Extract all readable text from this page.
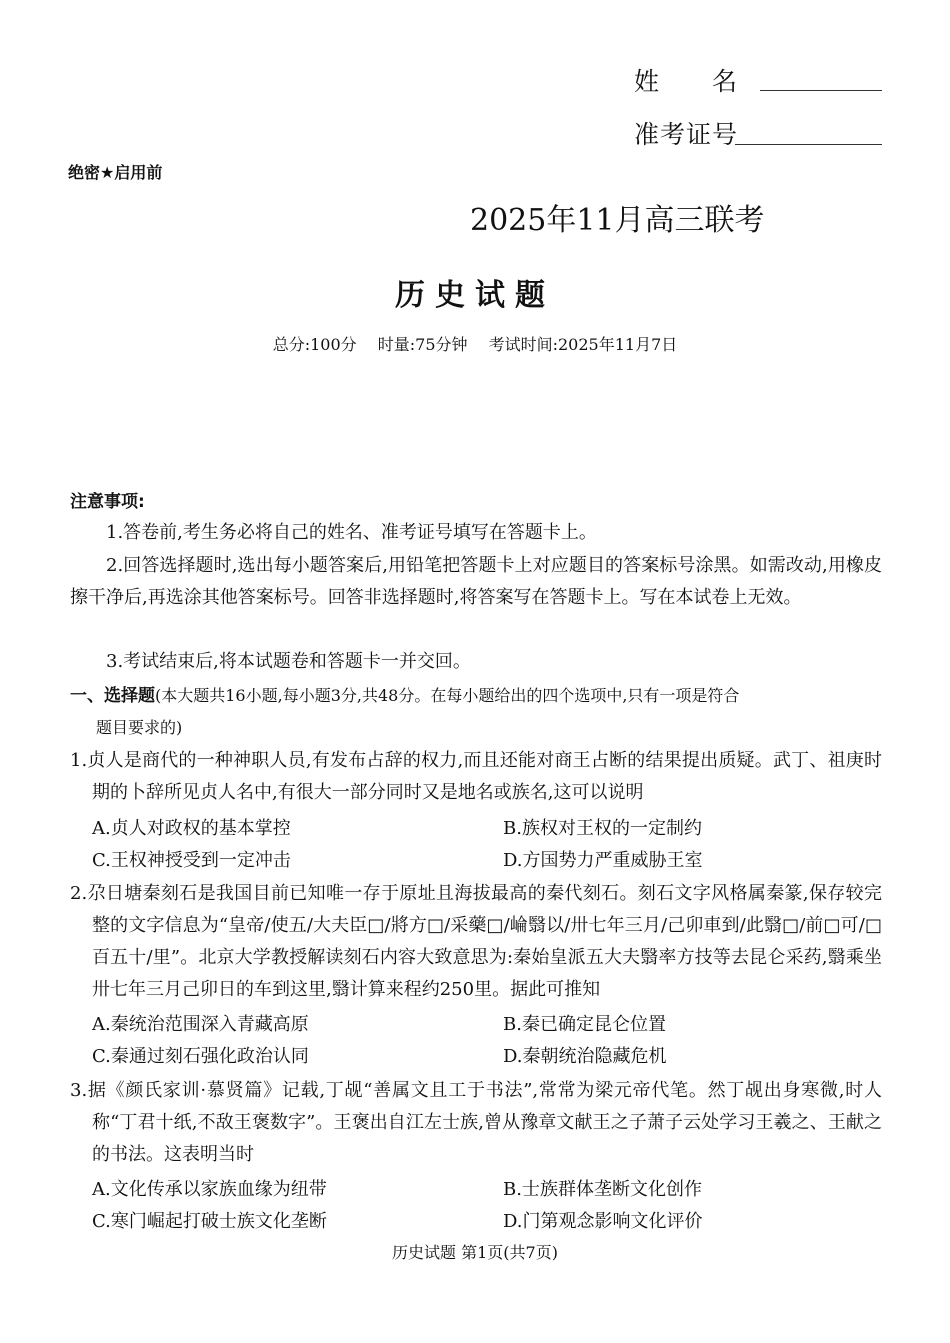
姓　　名
准考证号
绝密★启用前
2025年11月高三联考
历史试题
总分:100分 时量:75分钟 考试时间:2025年11月7日
注意事项:
1.答卷前,考生务必将自己的姓名、准考证号填写在答题卡上。
2.回答选择题时,选出每小题答案后,用铅笔把答题卡上对应题目的答案标号涂黑。如需改动,用橡皮擦干净后,再选涂其他答案标号。回答非选择题时,将答案写在答题卡上。写在本试卷上无效。
3.考试结束后,将本试题卷和答题卡一并交回。
一、选择题(本大题共16小题,每小题3分,共48分。在每小题给出的四个选项中,只有一项是符合
题目要求的)
1.贞人是商代的一种神职人员,有发布占辞的权力,而且还能对商王占断的结果提出质疑。武丁、祖庚时期的卜辞所见贞人名中,有很大一部分同时又是地名或族名,这可以说明
A.贞人对政权的基本掌控	B.族权对王权的一定制约
C.王权神授受到一定冲击	D.方国势力严重威胁王室
2.尕日塘秦刻石是我国目前已知唯一存于原址且海拔最高的秦代刻石。刻石文字风格属秦篆,保存较完整的文字信息为“皇帝/使五/大夫臣□/將方□/采藥□/崘翳以/卅七年三月/己卯車到/此翳□/前□可/□百五十/里”。北京大学教授解读刻石内容大致意思为:秦始皇派五大夫翳率方技等去昆仑采药,翳乘坐卅七年三月己卯日的车到这里,翳计算来程约250里。据此可推知
A.秦统治范围深入青藏高原	B.秦已确定昆仑位置
C.秦通过刻石强化政治认同	D.秦朝统治隐藏危机
3.据《颜氏家训·慕贤篇》记载,丁觇“善属文且工于书法”,常常为梁元帝代笔。然丁觇出身寒微,时人称“丁君十纸,不敌王褒数字”。王褒出自江左士族,曾从豫章文献王之子萧子云处学习王羲之、王献之的书法。这表明当时
A.文化传承以家族血缘为纽带	B.士族群体垄断文化创作
C.寒门崛起打破士族文化垄断	D.门第观念影响文化评价
历史试题 第1页(共7页)
